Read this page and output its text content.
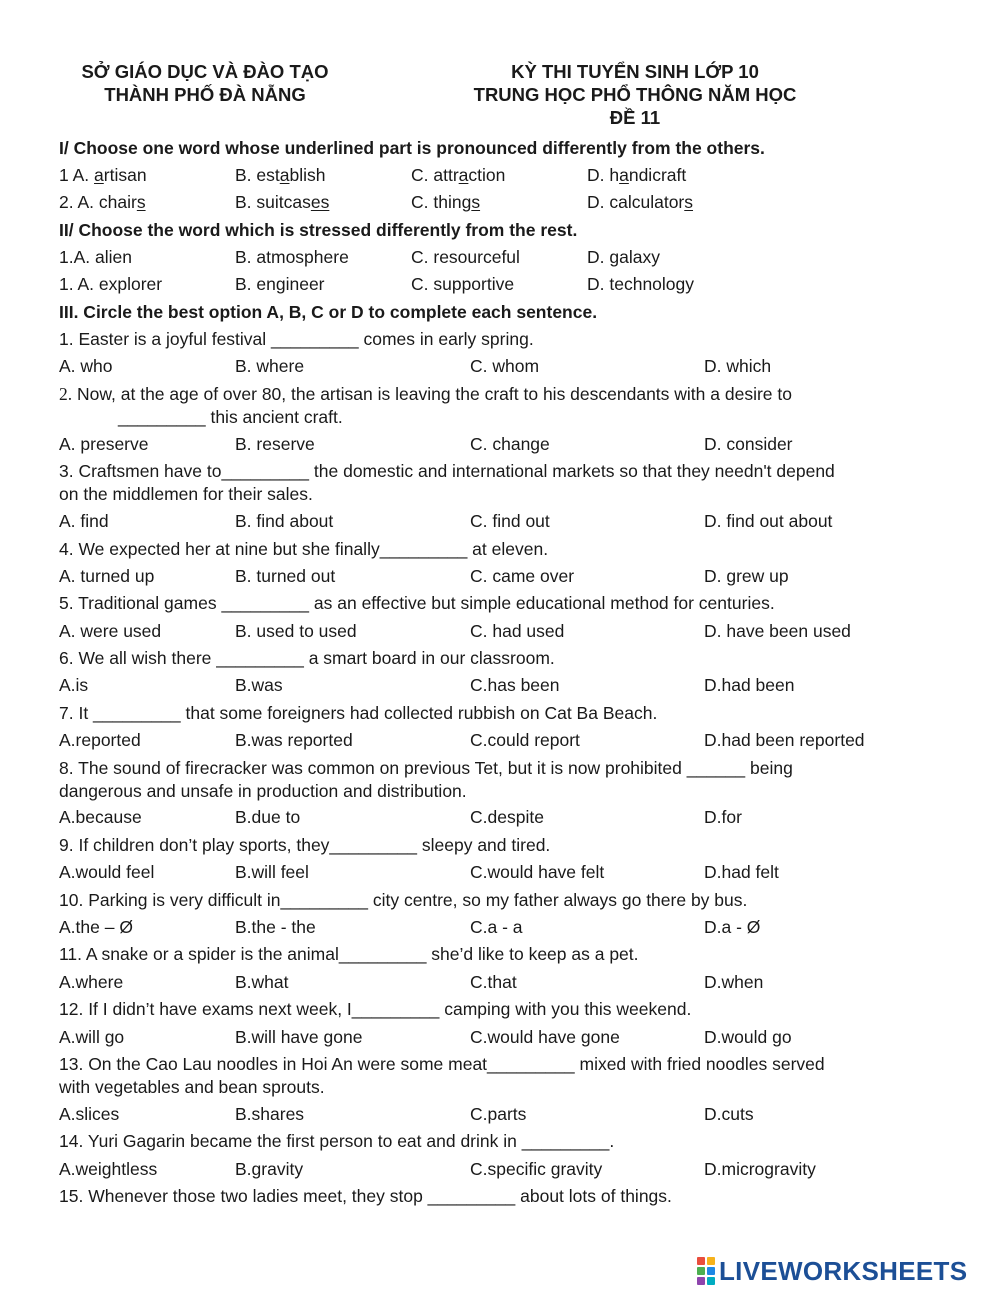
SỞ GIÁO DỤC VÀ ĐÀO TẠO
THÀNH PHỐ ĐÀ NẴNG
KỲ THI TUYỂN SINH LỚP 10
TRUNG HỌC PHỔ THÔNG NĂM HỌC
ĐỀ 11
I/ Choose one word whose underlined part is pronounced differently from the others.
1 A. artisan	B. establish	C. attraction	D. handicraft
2. A. chairs	B. suitcases	C. things	D. calculators
II/ Choose the word which is stressed differently from the rest.
1.A. alien	B. atmosphere	C. resourceful	D. galaxy
1. A. explorer	B. engineer	C. supportive	D. technology
III. Circle the best option A, B, C or D to complete each sentence.
1. Easter is a joyful festival _________ comes in early spring.
A. who	B. where	C. whom	D. which
2. Now, at the age of over 80, the artisan is leaving the craft to his descendants with a desire to
_________ this ancient craft.
A. preserve	B. reserve	C. change	D. consider
3. Craftsmen have to_________ the domestic and international markets so that they needn't depend
on the middlemen for their sales.
A. find	B. find about	C. find out	D. find out about
4. We expected her at nine but she finally_________ at eleven.
A. turned up	B. turned out	C. came over	D. grew up
5. Traditional games _________ as an effective but simple educational method for centuries.
A. were used	B. used to used	C. had used	D. have been used
6. We all wish there _________ a smart board in our classroom.
A.is	B.was	C.has been	D.had been
7. It _________ that some foreigners had collected rubbish on Cat Ba Beach.
A.reported	B.was reported	C.could report	D.had been reported
8. The sound of firecracker was common on previous Tet, but it is now prohibited ______ being
dangerous and unsafe in production and distribution.
A.because	B.due to	C.despite	D.for
9. If children don’t play sports, they_________ sleepy and tired.
A.would feel	B.will feel	C.would have felt	D.had felt
10. Parking is very difficult in_________ city centre, so my father always go there by bus.
A.the – Ø	B.the - the	C.a - a	D.a - Ø
11. A snake or a spider is the animal_________ she’d like to keep as a pet.
A.where	B.what	C.that	D.when
12. If I didn’t have exams next week, I_________ camping with you this weekend.
A.will go	B.will have gone	C.would have gone	D.would go
13. On the Cao Lau noodles in Hoi An were some meat_________ mixed with fried noodles served
with vegetables and bean sprouts.
A.slices	B.shares	C.parts	D.cuts
14. Yuri Gagarin became the first person to eat and drink in _________.
A.weightless	B.gravity	C.specific gravity	D.microgravity
15. Whenever those two ladies meet, they stop _________ about lots of things.
LIVEWORKSHEETS
